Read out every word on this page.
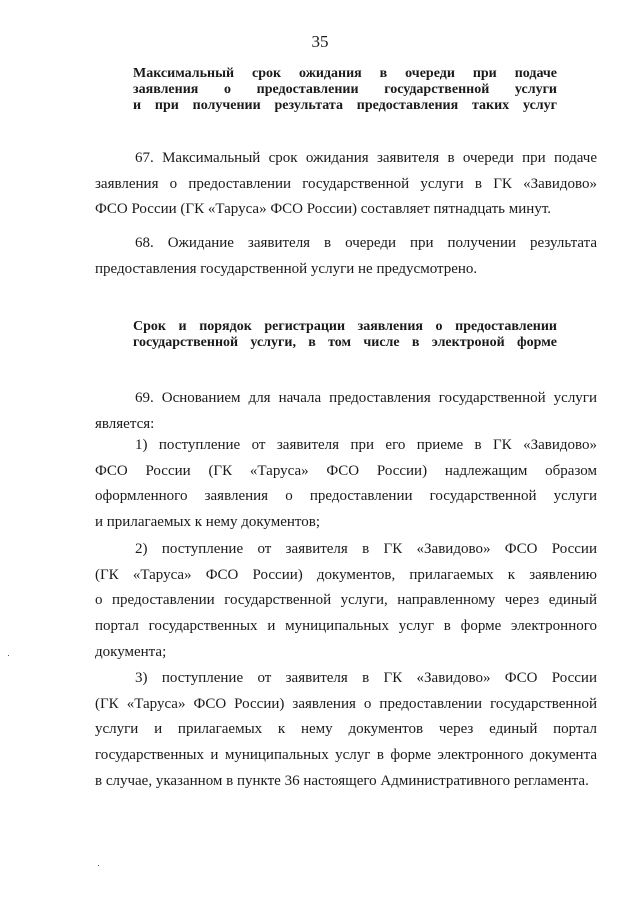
35
Максимальный срок ожидания в очереди при подаче
заявления о предоставлении государственной услуги
и при получении результата предоставления таких услуг
67. Максимальный срок ожидания заявителя в очереди при подаче
заявления о предоставлении государственной услуги в ГК «Завидово»
ФСО России (ГК «Таруса» ФСО России) составляет пятнадцать минут.
68. Ожидание заявителя в очереди при получении результата
предоставления государственной услуги не предусмотрено.
Срок и порядок регистрации заявления о предоставлении
государственной услуги, в том числе в электроной форме
69. Основанием для начала предоставления государственной услуги
является:
1) поступление от заявителя при его приеме в ГК «Завидово»
ФСО России (ГК «Таруса» ФСО России) надлежащим образом
оформленного заявления о предоставлении государственной услуги
и прилагаемых к нему документов;
2) поступление от заявителя в ГК «Завидово» ФСО России
(ГК «Таруса» ФСО России) документов, прилагаемых к заявлению
о предоставлении государственной услуги, направленному через единый
портал государственных и муниципальных услуг в форме электронного
документа;
3) поступление от заявителя в ГК «Завидово» ФСО России
(ГК «Таруса» ФСО России) заявления о предоставлении государственной
услуги и прилагаемых к нему документов через единый портал
государственных и муниципальных услуг в форме электронного документа
в случае, указанном в пункте 36 настоящего Административного регламента.
